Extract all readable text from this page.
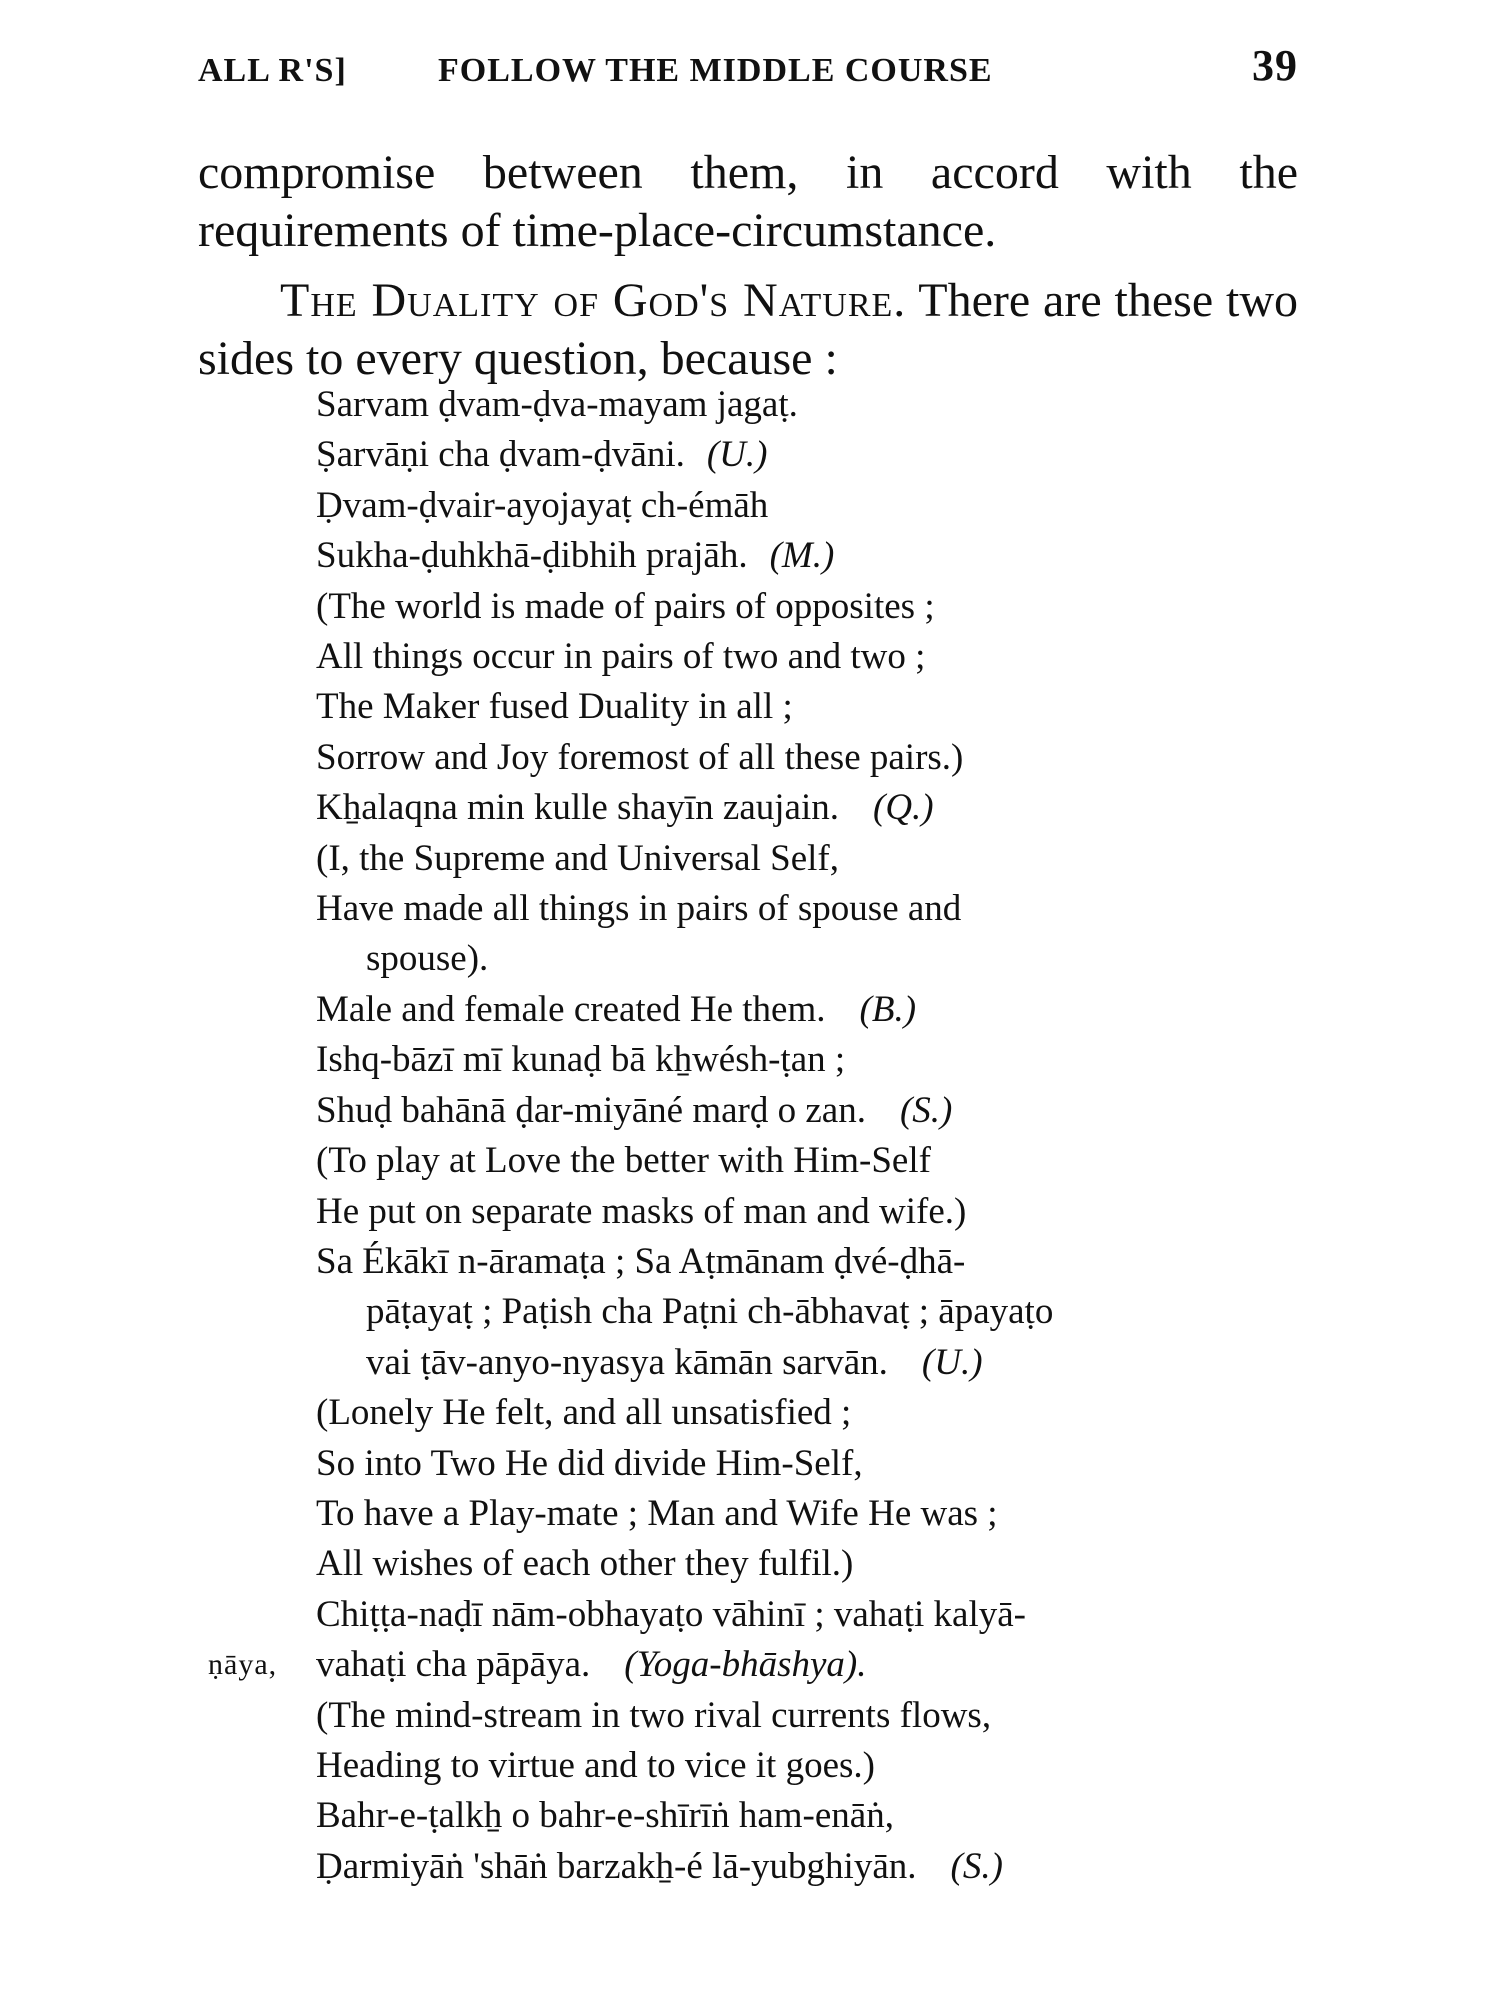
ALL R'S]	FOLLOW THE MIDDLE COURSE	39
compromise between them, in accord with the requirements of time-place-circumstance.
The Duality of God's Nature. There are these two sides to every question, because :
Sarvam ḍvam-ḍva-mayam jagaṭ.
Ṣarvāṇi cha ḍvam-ḍvāni. (U.)
Ḍvam-ḍvair-ayojayaṭ ch-émāh
Sukha-ḍuhkhā-ḍibhih prajāh. (M.)
(The world is made of pairs of opposites ;
All things occur in pairs of two and two ;
The Maker fused Duality in all ;
Sorrow and Joy foremost of all these pairs.)
Kẖalaqna min kulle shayīn zaujain. (Q.)
(I, the Supreme and Universal Self,
Have made all things in pairs of spouse and
spouse).
Male and female created He them. (B.)
Ishq-bāzī mī kunaḍ bā kẖwésh-ṭan ;
Shuḍ bahānā ḍar-miyāné marḍ o zan. (S.)
(To play at Love the better with Him-Self
He put on separate masks of man and wife.)
Sa Ékākī n-āramaṭa ; Sa Aṭmānam ḍvé-ḍhā-
pāṭayaṭ ; Paṭish cha Paṭni ch-ābhavaṭ ; āpayaṭo
vai ṭāv-anyo-nyasya kāmān sarvān. (U.)
(Lonely He felt, and all unsatisfied ;
So into Two He did divide Him-Self,
To have a Play-mate ; Man and Wife He was ;
All wishes of each other they fulfil.)
Chiṭṭa-naḍī nām-obhayaṭo vāhinī ; vahaṭi kalyā-
ṇāya, vahaṭi cha pāpāya. (Yoga-bhāshya).
(The mind-stream in two rival currents flows,
Heading to virtue and to vice it goes.)
Bahr-e-ṭalkẖ o bahr-e-shīrīṅ ham-enāṅ,
Ḍarmiyāṅ 'shāṅ barzakẖ-é lā-yubghiyān. (S.)
